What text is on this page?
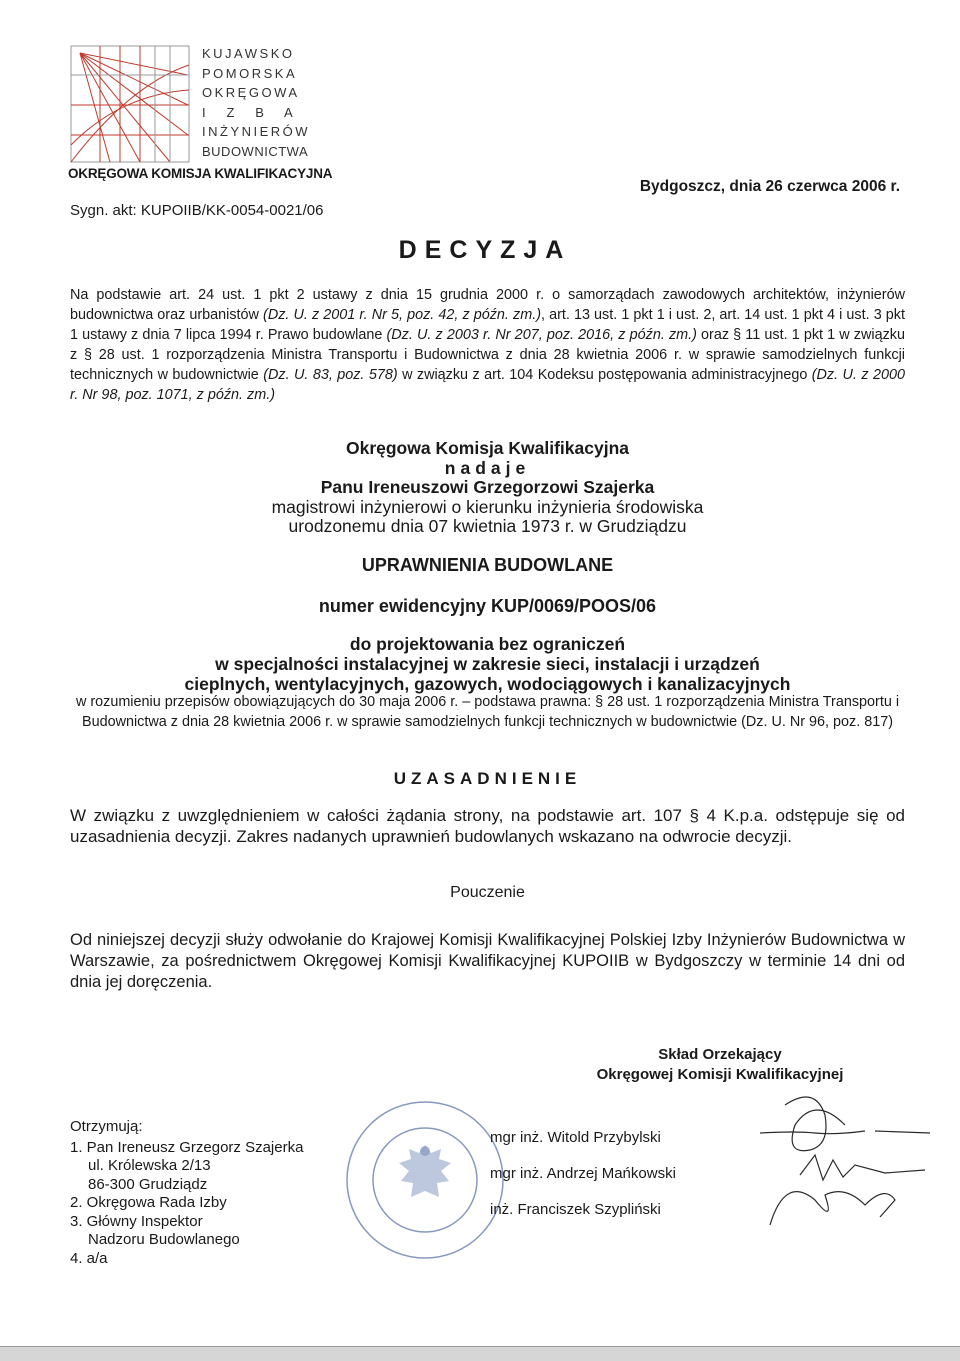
KUJAWSKO
POMORSKA
OKRĘGOWA
I   Z   B   A
INŻYNIERÓW
BUDOWNICTWA
OKRĘGOWA KOMISJA KWALIFIKACYJNA
Bydgoszcz, dnia 26 czerwca 2006 r.
Sygn. akt: KUPOIIB/KK-0054-0021/06
DECYZJA
Na podstawie art. 24 ust. 1 pkt 2 ustawy z dnia 15 grudnia 2000 r. o samorządach zawodowych architektów, inżynierów budownictwa oraz urbanistów (Dz. U. z 2001 r. Nr 5, poz. 42, z późn. zm.), art. 13 ust. 1 pkt 1 i ust. 2, art. 14 ust. 1 pkt 4 i ust. 3 pkt 1 ustawy z dnia 7 lipca 1994 r. Prawo budowlane (Dz. U. z 2003 r. Nr 207, poz. 2016, z późn. zm.) oraz § 11 ust. 1 pkt 1 w związku z § 28 ust. 1 rozporządzenia Ministra Transportu i Budownictwa z dnia 28 kwietnia 2006 r. w sprawie samodzielnych funkcji technicznych w budownictwie (Dz. U. 83, poz. 578) w związku z art. 104 Kodeksu postępowania administracyjnego (Dz. U. z 2000 r. Nr 98, poz. 1071, z późn. zm.)
Okręgowa Komisja Kwalifikacyjna
nadaje
Panu Ireneuszowi Grzegorzowi Szajerka
magistrowi inżynierowi o kierunku inżynieria środowiska
urodzonemu dnia 07 kwietnia 1973 r. w Grudziądzu
UPRAWNIENIA BUDOWLANE
numer ewidencyjny KUP/0069/POOS/06
do projektowania bez ograniczeń
w specjalności instalacyjnej w zakresie sieci, instalacji i urządzeń
cieplnych, wentylacyjnych, gazowych, wodociągowych i kanalizacyjnych
w rozumieniu przepisów obowiązujących do 30 maja 2006 r. – podstawa prawna: § 28 ust. 1 rozporządzenia Ministra Transportu i Budownictwa z dnia 28 kwietnia 2006 r. w sprawie samodzielnych funkcji technicznych w budownictwie (Dz. U. Nr 96, poz. 817)
UZASADNIENIE
W związku z uwzględnieniem w całości żądania strony, na podstawie art. 107 § 4 K.p.a. odstępuje się od uzasadnienia decyzji. Zakres nadanych uprawnień budowlanych wskazano na odwrocie decyzji.
Pouczenie
Od niniejszej decyzji służy odwołanie do Krajowej Komisji Kwalifikacyjnej Polskiej Izby Inżynierów Budownictwa w Warszawie, za pośrednictwem Okręgowej Komisji Kwalifikacyjnej KUPOIIB w Bydgoszczy w terminie 14 dni od dnia jej doręczenia.
Skład Orzekający
Okręgowej Komisji Kwalifikacyjnej
Otrzymują:
1. Pan Ireneusz Grzegorz Szajerka
ul. Królewska 2/13
86-300 Grudziądz
2. Okręgowa Rada Izby
3. Główny Inspektor
Nadzoru Budowlanego
4. a/a
mgr inż. Witold Przybylski
mgr inż. Andrzej Mańkowski
inż. Franciszek Szypliński
